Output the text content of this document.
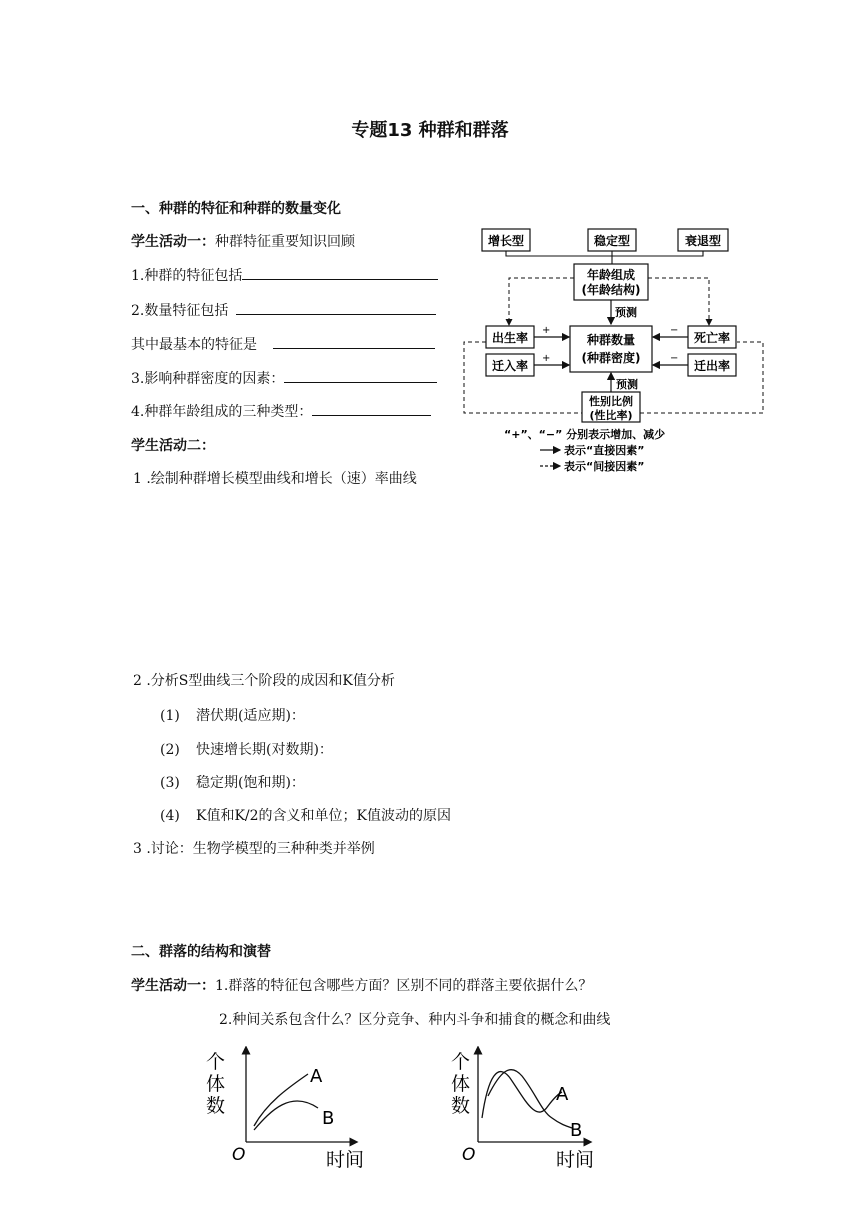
专题13 种群和群落
一、种群的特征和种群的数量变化
学生活动一：种群特征重要知识回顾
1.种群的特征包括
2.数量特征包括
其中最基本的特征是
3.影响种群密度的因素：
4.种群年龄组成的三种类型：
学生活动二：
1 .绘制种群增长模型曲线和增长（速）率曲线
2 .分析S型曲线三个阶段的成因和K值分析
(1) 潜伏期(适应期)：
(2) 快速增长期(对数期)：
(3) 稳定期(饱和期)：
(4) K值和K/2的含义和单位；K值波动的原因
3 .讨论：生物学模型的三种种类并举例
增长型	稳定型	衰退型
年龄组成
(年龄结构)
预测
种群数量
(种群密度)
出生率
迁入率
死亡率
迁出率
+
+
−
−
性别比例
(性比率)
预测
“+”、“−” 分别表示增加、减少
表示“直接因素”
表示“间接因素”
二、群落的结构和演替
学生活动一：1.群落的特征包含哪些方面？区别不同的群落主要依据什么？
2.种间关系包含什么？区分竞争、种内斗争和捕食的概念和曲线
个
体
数
O	时间
A
B
个
体
数
O	时间
A
B
